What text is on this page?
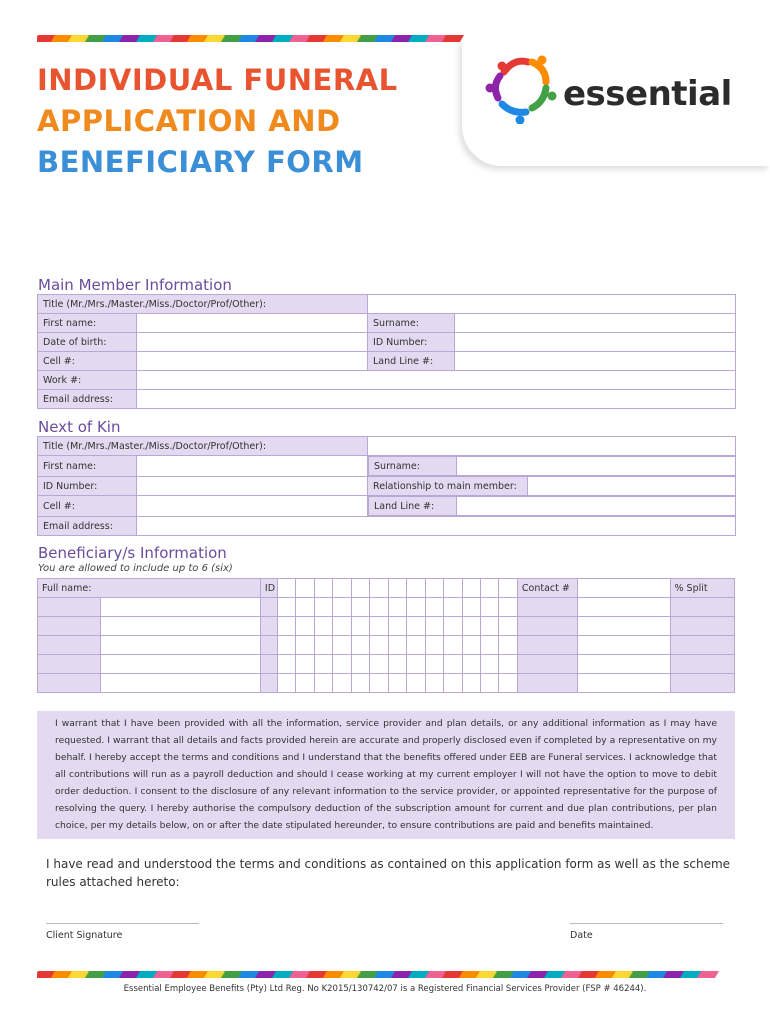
INDIVIDUAL FUNERAL
APPLICATION AND
BENEFICIARY FORM
essential
Main Member Information
Title (Mr./Mrs./Master./Miss./Doctor/Prof/Other):			
First name:		Surname:	
Date of birth:		ID Number:	
Cell #:		Land Line #:	
Work #:			
Email address:			
Next of Kin
Title (Mr./Mrs./Master./Miss./Doctor/Prof/Other):	
First name:			Surname:	

ID Number:		Relationship to main member:	
Cell #:			Land Line #:	

Email address:	
Beneficiary/s Information
You are allowed to include up to 6 (six)
Full name:		ID														Contact #		% Split

I warrant that I have been provided with all the information, service provider and plan details, or any additional information as I may have requested. I warrant that all details and facts provided herein are accurate and properly disclosed even if completed by a representative on my behalf. I hereby accept the terms and conditions and I understand that the benefits offered under EEB are Funeral services. I acknowledge that all contributions will run as a payroll deduction and should I cease working at my current employer I will not have the option to move to debit order deduction. I consent to the disclosure of any relevant information to the service provider, or appointed representative for the purpose of resolving the query. I hereby authorise the compulsory deduction of the subscription amount for current and due plan contributions, per plan choice, per my details below, on or after the date stipulated hereunder, to ensure contributions are paid and benefits maintained.
I have read and understood the terms and conditions as contained on this application form as well as the scheme rules attached hereto:
Client Signature	Date
Essential Employee Benefits (Pty) Ltd Reg. No K2015/130742/07 is a Registered Financial Services Provider (FSP # 46244).
